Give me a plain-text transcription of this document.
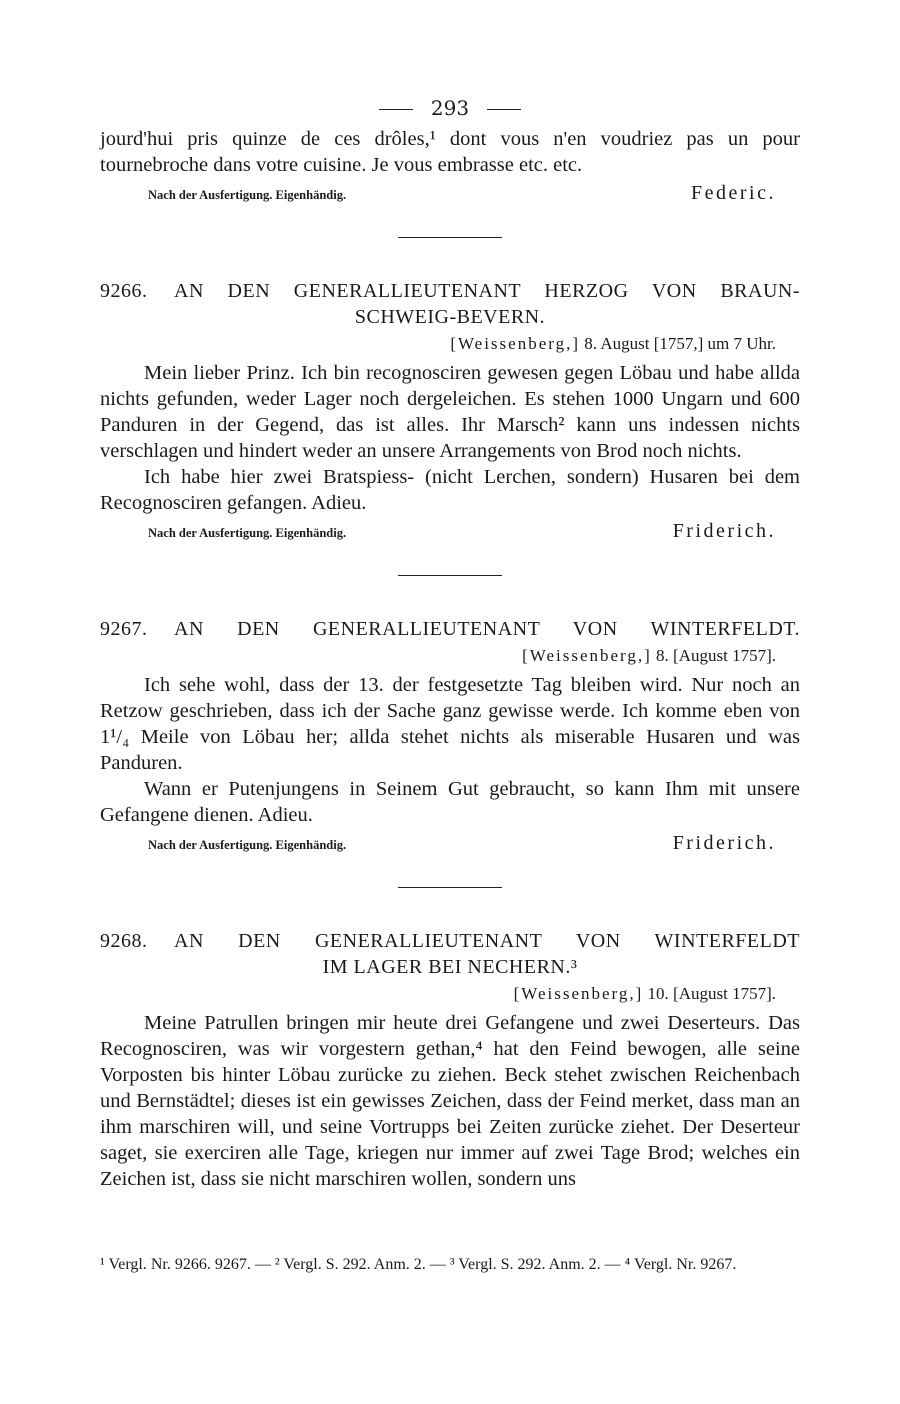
293

jourd'hui pris quinze de ces drôles,¹ dont vous n'en voudriez pas un pour tournebroche dans votre cuisine. Je vous embrasse etc. etc.

Nach der Ausfertigung. Eigenhändig.	Federic.
9266.	AN DEN GENERALLIEUTENANT HERZOG VON BRAUN-
SCHWEIG-BEVERN.
[Weissenberg,] 8. August [1757,] um 7 Uhr.

Mein lieber Prinz. Ich bin recognosciren gewesen gegen Löbau und habe allda nichts gefunden, weder Lager noch dergeleichen. Es stehen 1000 Ungarn und 600 Panduren in der Gegend, das ist alles. Ihr Marsch² kann uns indessen nichts verschlagen und hindert weder an unsere Arrangements von Brod noch nichts.

Ich habe hier zwei Bratspiess- (nicht Lerchen, sondern) Husaren bei dem Recognosciren gefangen. Adieu.

Nach der Ausfertigung. Eigenhändig.	Friderich.
9267.	AN DEN GENERALLIEUTENANT VON WINTERFELDT.
[Weissenberg,] 8. [August 1757].

Ich sehe wohl, dass der 13. der festgesetzte Tag bleiben wird. Nur noch an Retzow geschrieben, dass ich der Sache ganz gewisse werde. Ich komme eben von 1¹/₄ Meile von Löbau her; allda stehet nichts als miserable Husaren und was Panduren.

Wann er Putenjungens in Seinem Gut gebraucht, so kann Ihm mit unsere Gefangene dienen. Adieu.

Nach der Ausfertigung. Eigenhändig.	Friderich.
9268.	AN DEN GENERALLIEUTENANT VON WINTERFELDT
IM LAGER BEI NECHERN.³
[Weissenberg,] 10. [August 1757].

Meine Patrullen bringen mir heute drei Gefangene und zwei Deserteurs. Das Recognosciren, was wir vorgestern gethan,⁴ hat den Feind bewogen, alle seine Vorposten bis hinter Löbau zurücke zu ziehen. Beck stehet zwischen Reichenbach und Bernstädtel; dieses ist ein gewisses Zeichen, dass der Feind merket, dass man an ihm marschiren will, und seine Vortrupps bei Zeiten zurücke ziehet. Der Deserteur saget, sie exerciren alle Tage, kriegen nur immer auf zwei Tage Brod; welches ein Zeichen ist, dass sie nicht marschiren wollen, sondern uns

¹ Vergl. Nr. 9266. 9267. — ² Vergl. S. 292. Anm. 2. — ³ Vergl. S. 292. Anm. 2. — ⁴ Vergl. Nr. 9267.
